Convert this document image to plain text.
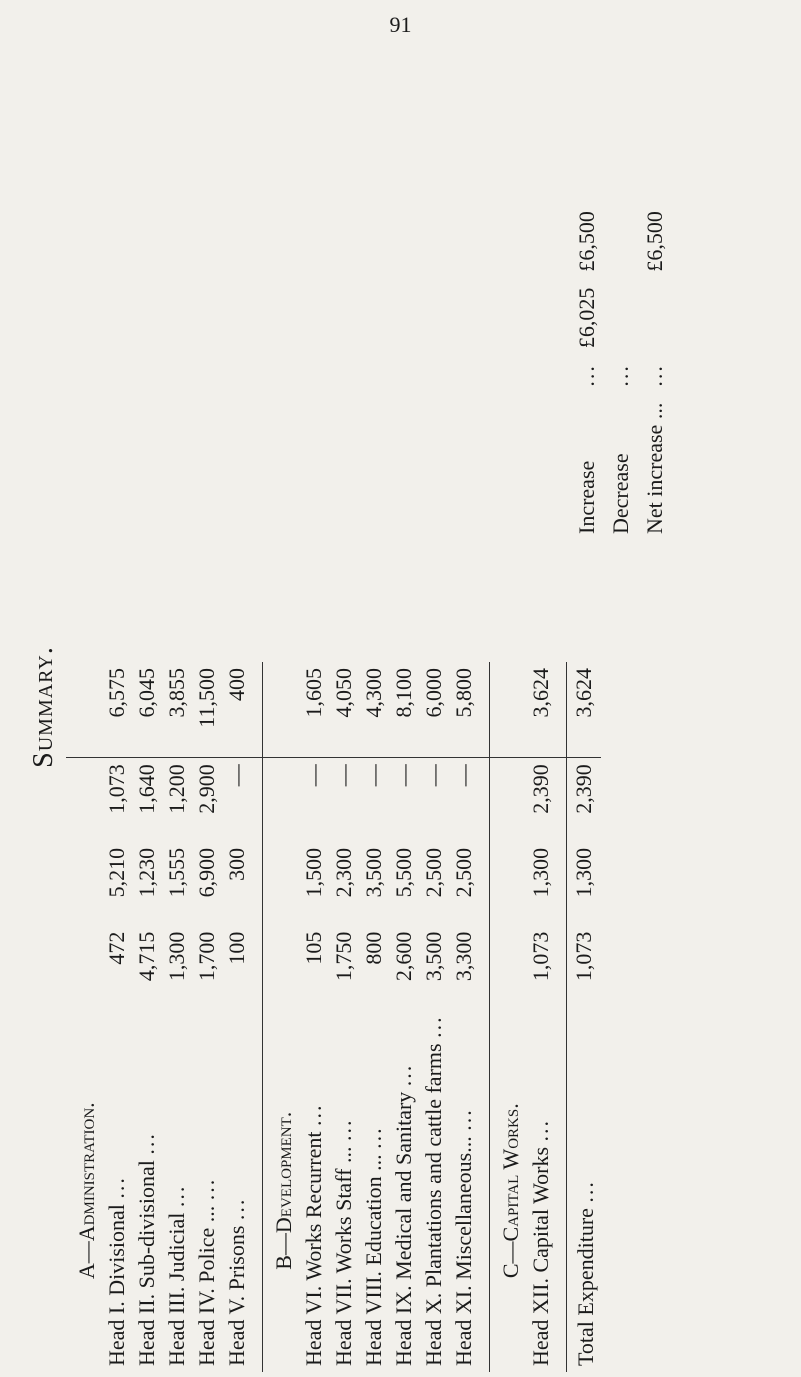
91
Summary.
A—Administration.				
Head I. Divisional ...	472	5,210	1,073	6,575
Head II. Sub-divisional ...	4,715	1,230	1,640	6,045
Head III. Judicial ...	1,300	1,555	1,200	3,855
Head IV. Police ... ...	1,700	6,900	2,900	11,500
Head V. Prisons ...	100	300	—	400

B—Development.				
Head VI. Works Recurrent ...	105	1,500	—	1,605
Head VII. Works Staff ... ...	1,750	2,300	—	4,050
Head VIII. Education ... ...	800	3,500	—	4,300
Head IX. Medical and Sanitary ...	2,600	5,500	—	8,100
Head X. Plantations and cattle farms ...	3,500	2,500	—	6,000
Head XI. Miscellaneous... ...	3,300	2,500	—	5,800

C—Capital Works.				
Head XII. Capital Works ...	1,073	1,300	2,390	3,624

Total Expenditure ...	1,073	1,300	2,390	3,624
Increase	...	£6,025	£6,500
Decrease	...		
Net increase ...	...		£6,500
